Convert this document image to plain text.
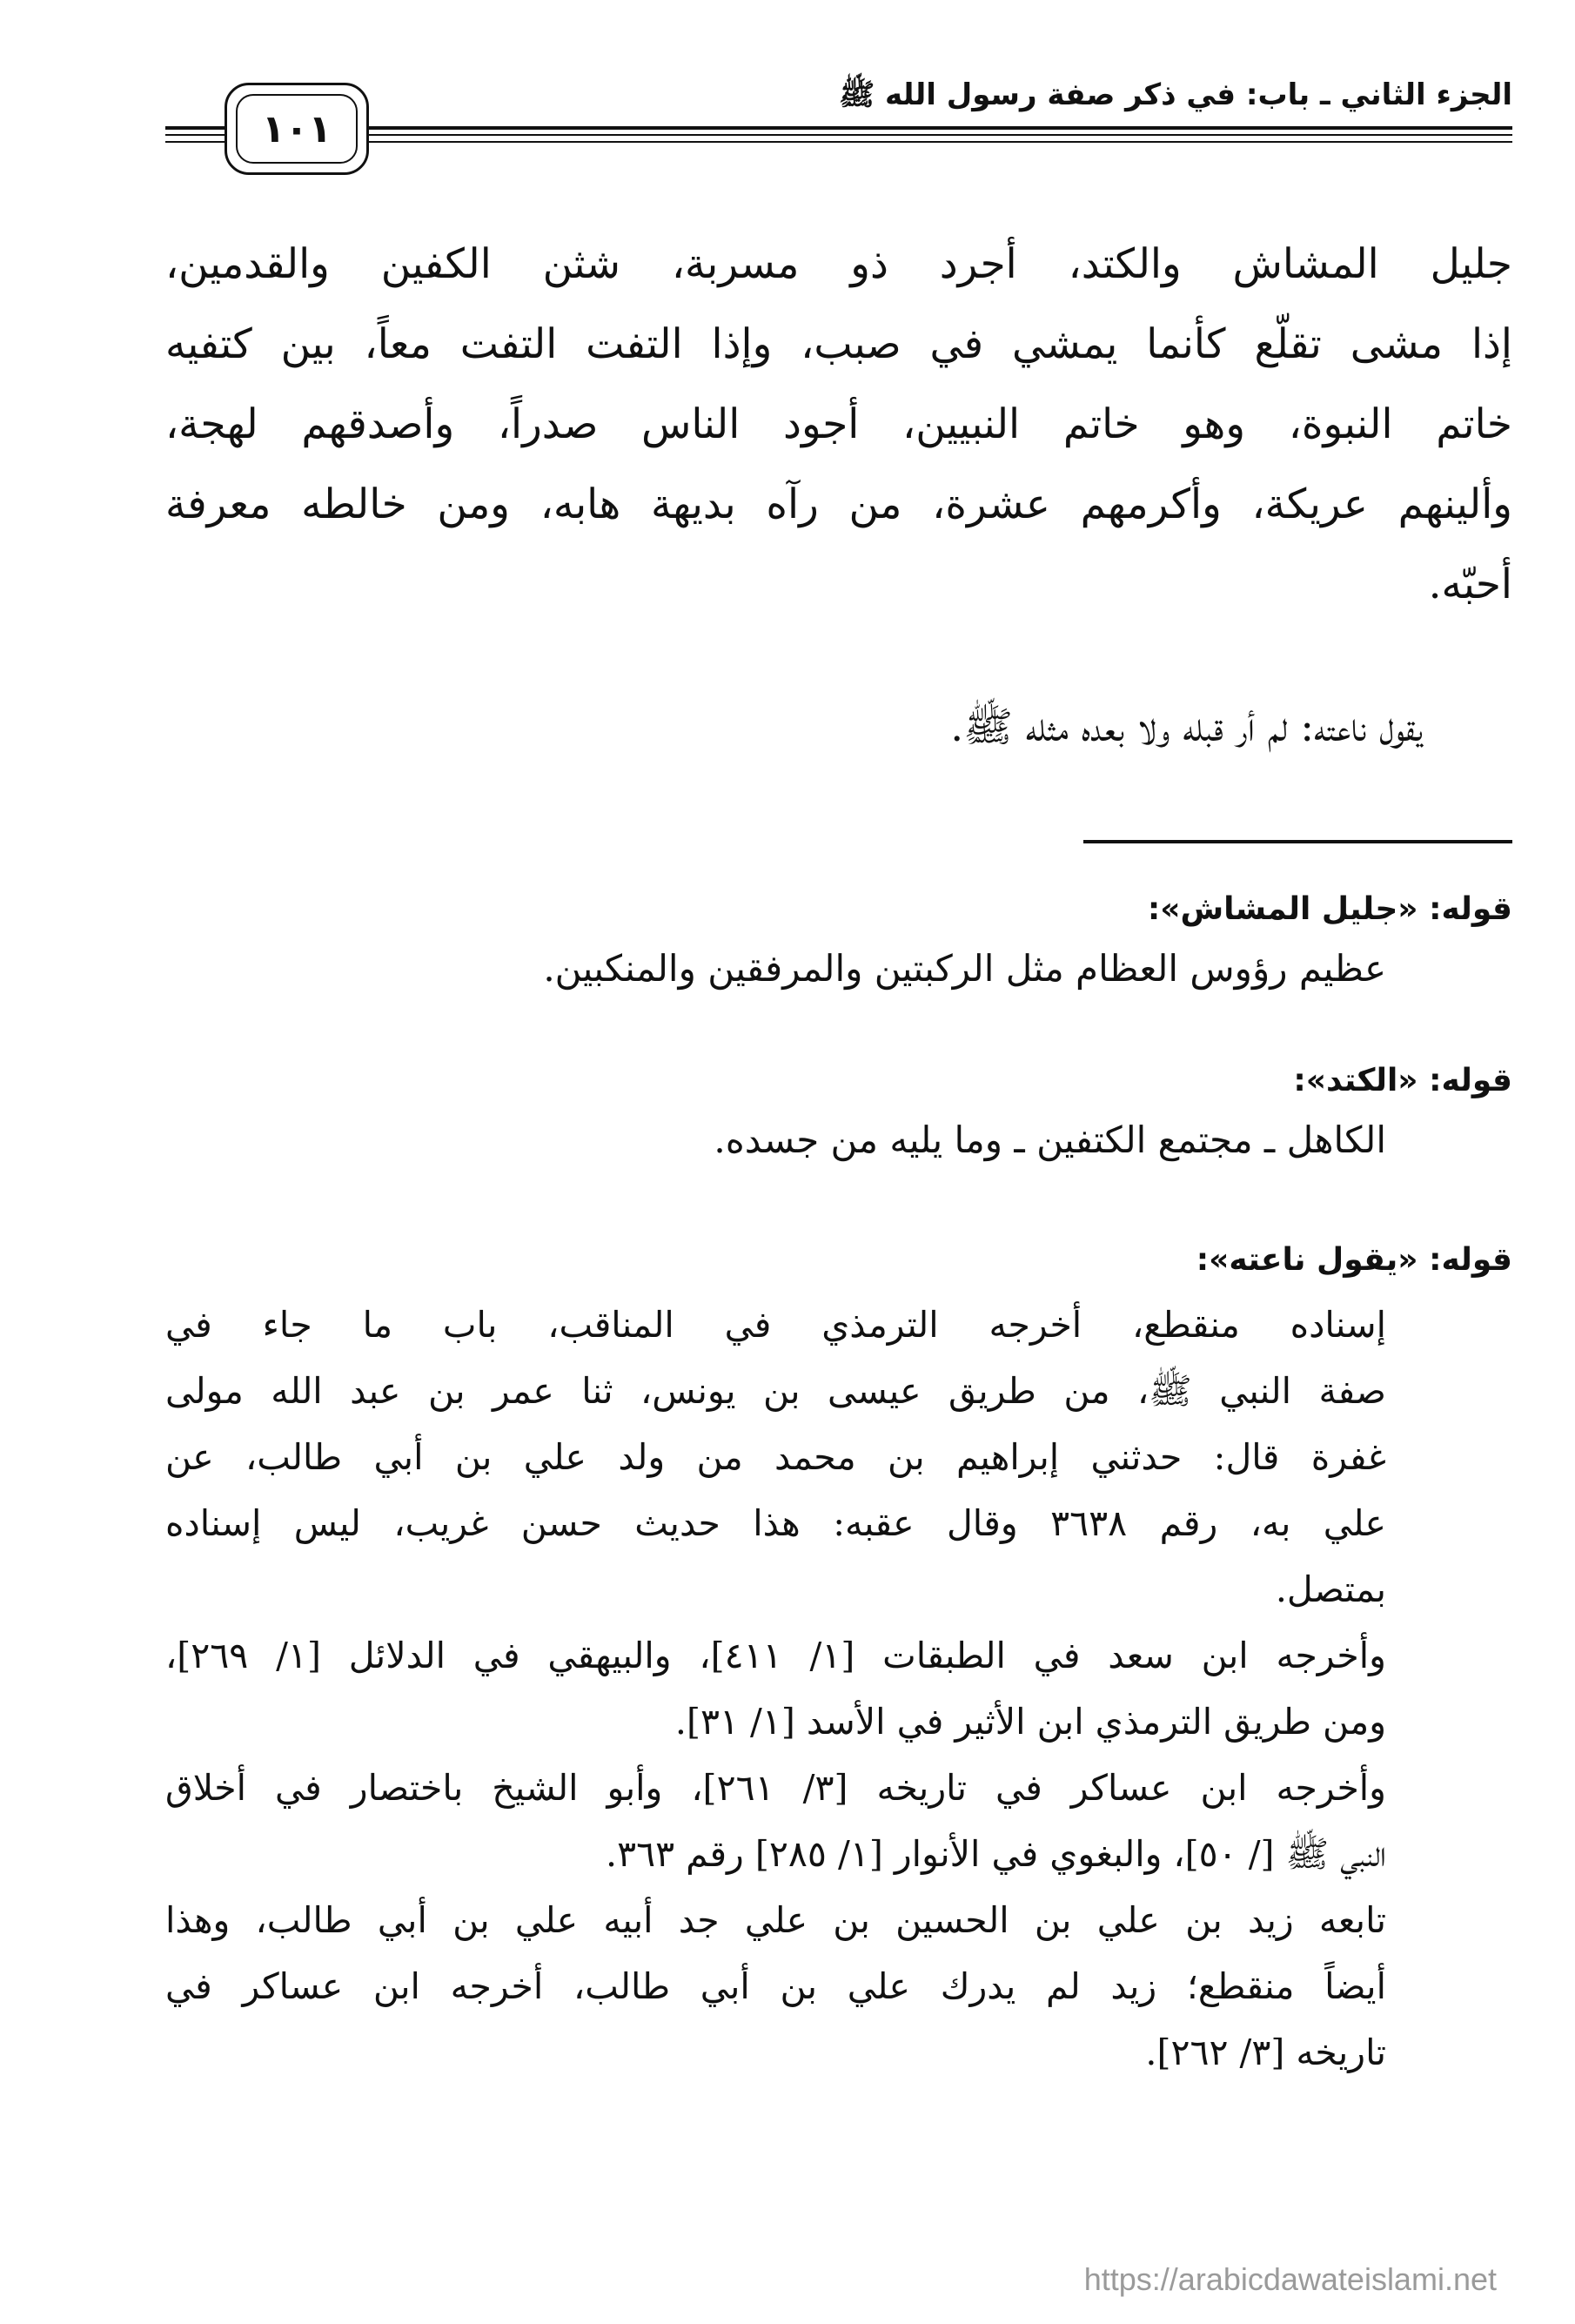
الجزء الثاني ـ باب: في ذكر صفة رسول الله ﷺ
١٠١
جليل المشاش والكتد، أجرد ذو مسربة، شثن الكفين والقدمين،
إذا مشى تقلّع كأنما يمشي في صبب، وإذا التفت التفت معاً، بين كتفيه
خاتم النبوة، وهو خاتم النبيين، أجود الناس صدراً، وأصدقهم لهجة،
وألينهم عريكة، وأكرمهم عشرة، من رآه بديهة هابه، ومن خالطه معرفة
أحبّه.
يقول ناعته: لم أر قبله ولا بعده مثله ﷺ.
قوله: «جليل المشاش»:
عظيم رؤوس العظام مثل الركبتين والمرفقين والمنكبين.
قوله: «الكتد»:
الكاهل ـ مجتمع الكتفين ـ وما يليه من جسده.
قوله: «يقول ناعته»:
إسناده منقطع، أخرجه الترمذي في المناقب، باب ما جاء في
صفة النبي ﷺ، من طريق عيسى بن يونس، ثنا عمر بن عبد الله مولى
غفرة قال: حدثني إبراهيم بن محمد من ولد علي بن أبي طالب، عن
علي به، رقم ٣٦٣٨ وقال عقبه: هذا حديث حسن غريب، ليس إسناده
بمتصل.
وأخرجه ابن سعد في الطبقات [١/ ٤١١]، والبيهقي في الدلائل [١/ ٢٦٩]،
ومن طريق الترمذي ابن الأثير في الأسد [١/ ٣١].
وأخرجه ابن عساكر في تاريخه [٣/ ٢٦١]، وأبو الشيخ باختصار في أخلاق
النبي ﷺ [/ ٥٠]، والبغوي في الأنوار [١/ ٢٨٥] رقم ٣٦٣.
تابعه زيد بن علي بن الحسين بن علي جد أبيه علي بن أبي طالب، وهذا
أيضاً منقطع؛ زيد لم يدرك علي بن أبي طالب، أخرجه ابن عساكر في
تاريخه [٣/ ٢٦٢].
https://arabicdawateislami.net
